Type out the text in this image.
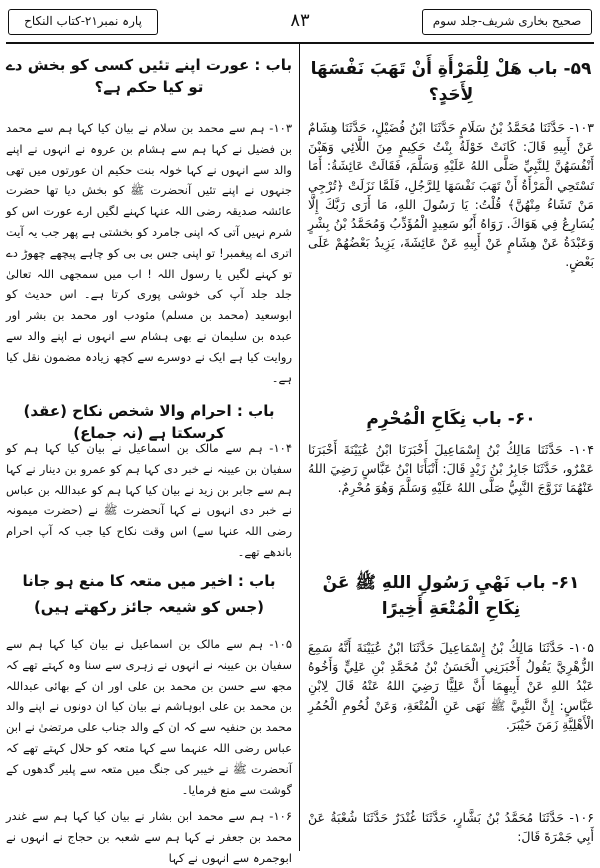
پارہ نمبر۲۱-کتاب النکاح	۸۳	صحیح بخاری شریف-جلد سوم
۵۹- باب هَلْ لِلْمَرْأَةِ أَنْ تَهَبَ نَفْسَهَا لِأَحَدٍ؟
۱۰۳- حَدَّثَنَا مُحَمَّدُ بْنُ سَلَامٍ حَدَّثَنَا ابْنُ فُضَيْلٍ، حَدَّثَنَا هِشَامٌ عَنْ أَبِيهِ قَالَ: كَانَتْ خَوْلَةُ بِنْتُ حَكِيمٍ مِنَ اللَّائِي وَهَبْنَ أَنْفُسَهُنَّ لِلنَّبِيِّ صَلَّى اللهُ عَلَيْهِ وَسَلَّمَ، فَقَالَتْ عَائِشَةُ: أَمَا تَسْتَحِي الْمَرْأَةُ أَنْ تَهَبَ نَفْسَهَا لِلرَّجُلِ، فَلَمَّا نَزَلَتْ ﴿تُرْجِي مَنْ تَشَاءُ مِنْهُنَّ﴾ قُلْتُ: يَا رَسُولَ اللهِ، مَا أَرَى رَبَّكَ إِلَّا يُسَارِعُ فِي هَوَاكَ. رَوَاهُ أَبُو سَعِيدٍ الْمُؤَدِّبُ وَمُحَمَّدُ بْنُ بِشْرٍ وَعَبْدَةُ عَنْ هِشَامٍ عَنْ أَبِيهِ عَنْ عَائِشَةَ، يَزِيدُ بَعْضُهُمْ عَلَى بَعْضٍ.
۶۰- باب نِكَاحِ الْمُحْرِمِ
۱۰۴- حَدَّثَنَا مَالِكُ بْنُ إِسْمَاعِيلَ أَخْبَرَنَا ابْنُ عُيَيْنَةَ أَخْبَرَنَا عَمْرٌو، حَدَّثَنَا جَابِرُ بْنُ زَيْدٍ قَالَ: أَنْبَأَنَا ابْنُ عَبَّاسٍ رَضِيَ اللهُ عَنْهُمَا تَزَوَّجَ النَّبِيُّ صَلَّى اللهُ عَلَيْهِ وَسَلَّمَ وَهُوَ مُحْرِمٌ.
۶۱- باب نَهْيِ رَسُولِ اللهِ ﷺ عَنْ نِكَاحِ الْمُتْعَةِ أَخِيرًا
۱۰۵- حَدَّثَنَا مَالِكُ بْنُ إِسْمَاعِيلَ حَدَّثَنَا ابْنُ عُيَيْنَةَ أَنَّهُ سَمِعَ الزُّهْرِيَّ يَقُولُ أَخْبَرَنِي الْحَسَنُ بْنُ مُحَمَّدِ بْنِ عَلِيٍّ وَأَخُوهُ عَبْدُ اللهِ عَنْ أَبِيهِمَا أَنَّ عَلِيًّا رَضِيَ اللهُ عَنْهُ قَالَ لِابْنِ عَبَّاسٍ: إِنَّ النَّبِيَّ ﷺ نَهَى عَنِ الْمُتْعَةِ، وَعَنْ لُحُومِ الْحُمُرِ الْأَهْلِيَّةِ زَمَنَ خَيْبَرَ.
۱۰۶- حَدَّثَنَا مُحَمَّدُ بْنُ بَشَّارٍ، حَدَّثَنَا غُنْدَرٌ حَدَّثَنَا شُعْبَةُ عَنْ أَبِي جَمْرَةَ قَالَ:
باب : عورت اپنے تئیں کسی کو بخش دے تو کیا حکم ہے؟
۱۰۳- ہم سے محمد بن سلام نے بیان کیا کہا ہم سے محمد بن فضیل نے کہا ہم سے ہشام بن عروہ نے انہوں نے اپنے والد سے انہوں نے کہا خولہ بنت حکیم ان عورتوں میں تھی جنہوں نے اپنے تئیں آنحضرت ﷺ کو بخش دیا تھا حضرت عائشہ صدیقہ رضی اللہ عنہا کہنے لگیں ارے عورت اس کو شرم نہیں آتی کہ اپنی جامرد کو بخشتی ہے پھر جب یہ آیت اتری اے پیغمبر! تو اپنی جس بی بی کو چاہے پیچھے چھوڑ دے تو کہنے لگیں یا رسول اللہ ! اب میں سمجھی اللہ تعالیٰ جلد جلد آپ کی خوشی پوری کرتا ہے۔ اس حدیث کو ابوسعید (محمد بن مسلم) مئودب اور محمد بن بشر اور عبدہ بن سلیمان نے بھی ہشام سے انہوں نے اپنے والد سے روایت کیا ہے ایک نے دوسرے سے کچھ زیادہ مضمون نقل کیا ہے۔
باب : احرام والا شخص نکاح (عقد) کرسکتا ہے (نہ جماع)
۱۰۴- ہم سے مالک بن اسماعیل نے بیان کیا کہا ہم کو سفیان بن عیینہ نے خبر دی کہا ہم کو عمرو بن دینار نے کہا ہم سے جابر بن زید نے بیان کیا کہا ہم کو عبداللہ بن عباس نے خبر دی انہوں نے کہا آنحضرت ﷺ نے (حضرت میمونہ رضی اللہ عنہا سے) اس وقت نکاح کیا جب کہ آپ احرام باندھے تھے۔
باب : اخیر میں متعہ کا منع ہو جانا
(جس کو شیعہ جائز رکھتے ہیں)
۱۰۵- ہم سے مالک بن اسماعیل نے بیان کیا کہا ہم سے سفیان بن عیینہ نے انہوں نے زہری سے سنا وہ کہتے تھے کہ مجھ سے حسن بن محمد بن علی اور ان کے بھائی عبداللہ بن محمد بن علی ابوہاشم نے بیان کیا ان دونوں نے اپنے والد محمد بن حنفیہ سے کہ ان کے والد جناب علی مرتضیٰ نے ابن عباس رضی اللہ عنہما سے کہا متعہ کو حلال کہتے تھے کہ آنحضرت ﷺ نے خیبر کی جنگ میں متعہ سے پلیر گدھوں کے گوشت سے منع فرمایا۔
۱۰۶- ہم سے محمد ابن بشار نے بیان کیا کہا ہم سے غندر محمد بن جعفر نے کہا ہم سے شعبہ بن حجاج نے انہوں نے ابوجمرہ سے انہوں نے کہا
